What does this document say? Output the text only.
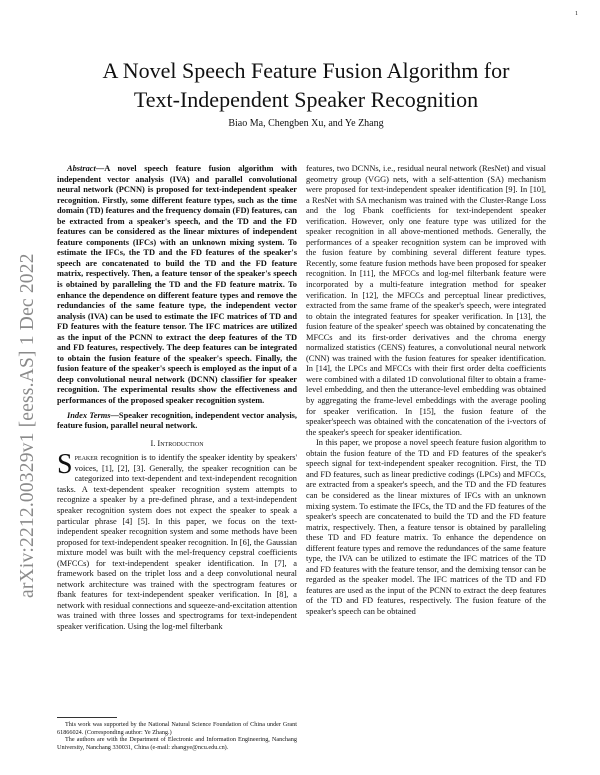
1
arXiv:2212.00329v1 [eess.AS] 1 Dec 2022
A Novel Speech Feature Fusion Algorithm for
Text-Independent Speaker Recognition
Biao Ma, Chengben Xu, and Ye Zhang

Abstract—A novel speech feature fusion algorithm with independent vector analysis (IVA) and parallel convolutional neural network (PCNN) is proposed for text-independent speaker recognition. Firstly, some different feature types, such as the time domain (TD) features and the frequency domain (FD) features, can be extracted from a speaker's speech, and the TD and the FD features can be considered as the linear mixtures of independent feature components (IFCs) with an unknown mixing system. To estimate the IFCs, the TD and the FD features of the speaker's speech are concatenated to build the TD and the FD feature matrix, respectively. Then, a feature tensor of the speaker's speech is obtained by paralleling the TD and the FD feature matrix. To enhance the dependence on different feature types and remove the redundancies of the same feature type, the independent vector analysis (IVA) can be used to estimate the IFC matrices of TD and FD features with the feature tensor. The IFC matrices are utilized as the input of the PCNN to extract the deep features of the TD and FD features, respectively. The deep features can be integrated to obtain the fusion feature of the speaker's speech. Finally, the fusion feature of the speaker's speech is employed as the input of a deep convolutional neural network (DCNN) classifier for speaker recognition. The experimental results show the effectiveness and performances of the proposed speaker recognition system.

Index Terms—Speaker recognition, independent vector analysis, feature fusion, parallel neural network.

I. Introduction

Speaker recognition is to identify the speaker identity by speakers' voices, [1], [2], [3]. Generally, the speaker recognition can be categorized into text-dependent and text-independent recognition tasks. A text-dependent speaker recognition system attempts to recognize a speaker by a pre-defined phrase, and a text-independent speaker recognition system does not expect the speaker to speak a particular phrase [4] [5]. In this paper, we focus on the text-independent speaker recognition system and some methods have been proposed for text-independent speaker recognition. In [6], the Gaussian mixture model was built with the mel-frequency cepstral coefficients (MFCCs) for text-independent speaker identification. In [7], a framework based on the triplet loss and a deep convolutional neural network architecture was trained with the spectrogram features or fbank features for text-independent speaker verification. In [8], a network with residual connections and squeeze-and-excitation attention was trained with three losses and spectrograms for text-independent speaker verification. Using the log-mel filterbank

features, two DCNNs, i.e., residual neural network (ResNet) and visual geometry group (VGG) nets, with a self-attention (SA) mechanism were proposed for text-independent speaker identification [9]. In [10], a ResNet with SA mechanism was trained with the Cluster-Range Loss and the log Fbank coefficients for text-independent speaker verification. However, only one feature type was utilized for the speaker recognition in all above-mentioned methods. Generally, the performances of a speaker recognition system can be improved with the fusion feature by combining several different feature types. Recently, some feature fusion methods have been proposed for speaker recognition. In [11], the MFCCs and log-mel filterbank feature were incorporated by a multi-feature integration method for speaker verification. In [12], the MFCCs and perceptual linear predictives, extracted from the same frame of the speaker's speech, were integrated to obtain the integrated features for speaker verification. In [13], the fusion feature of the speaker' speech was obtained by concatenating the MFCCs and its first-order derivatives and the chroma energy normalized statistics (CENS) features, a convolutional neural network (CNN) was trained with the fusion features for speaker identification. In [14], the LPCs and MFCCs with their first order delta coefficients were combined with a dilated 1D convolutional filter to obtain a frame-level embedding, and then the utterance-level embedding was obtained by aggregating the frame-level embeddings with the average pooling for speaker verification. In [15], the fusion feature of the speaker'speech was obtained with the concatenation of the i-vectors of the speaker's speech for speaker identification.

In this paper, we propose a novel speech feature fusion algorithm to obtain the fusion feature of the TD and FD features of the speaker's speech signal for text-independent speaker recognition. First, the TD and FD features, such as linear predictive codings (LPCs) and MFCCs, are extracted from a speaker's speech, and the TD and the FD features can be considered as the linear mixtures of IFCs with an unknown mixing system. To estimate the IFCs, the TD and the FD features of the speaker's speech are concatenated to build the TD and the FD feature matrix, respectively. Then, a feature tensor is obtained by paralleling these TD and FD feature matrix. To enhance the dependence on different feature types and remove the redundances of the same feature type, the IVA can be utilized to estimate the IFC matrices of the TD and FD features with the feature tensor, and the demixing tensor can be regarded as the speaker model. The IFC matrices of the TD and FD features are used as the input of the PCNN to extract the deep features of the TD and FD features, respectively. The fusion feature of the speaker's speech can be obtained

This work was supported by the National Natural Science Foundation of China under Grant 61866024. (Corresponding author: Ye Zhang.)

The authors are with the Department of Electronic and Information Engineering, Nanchang University, Nanchang 330031, China (e-mail: zhangye@ncu.edu.cn).
